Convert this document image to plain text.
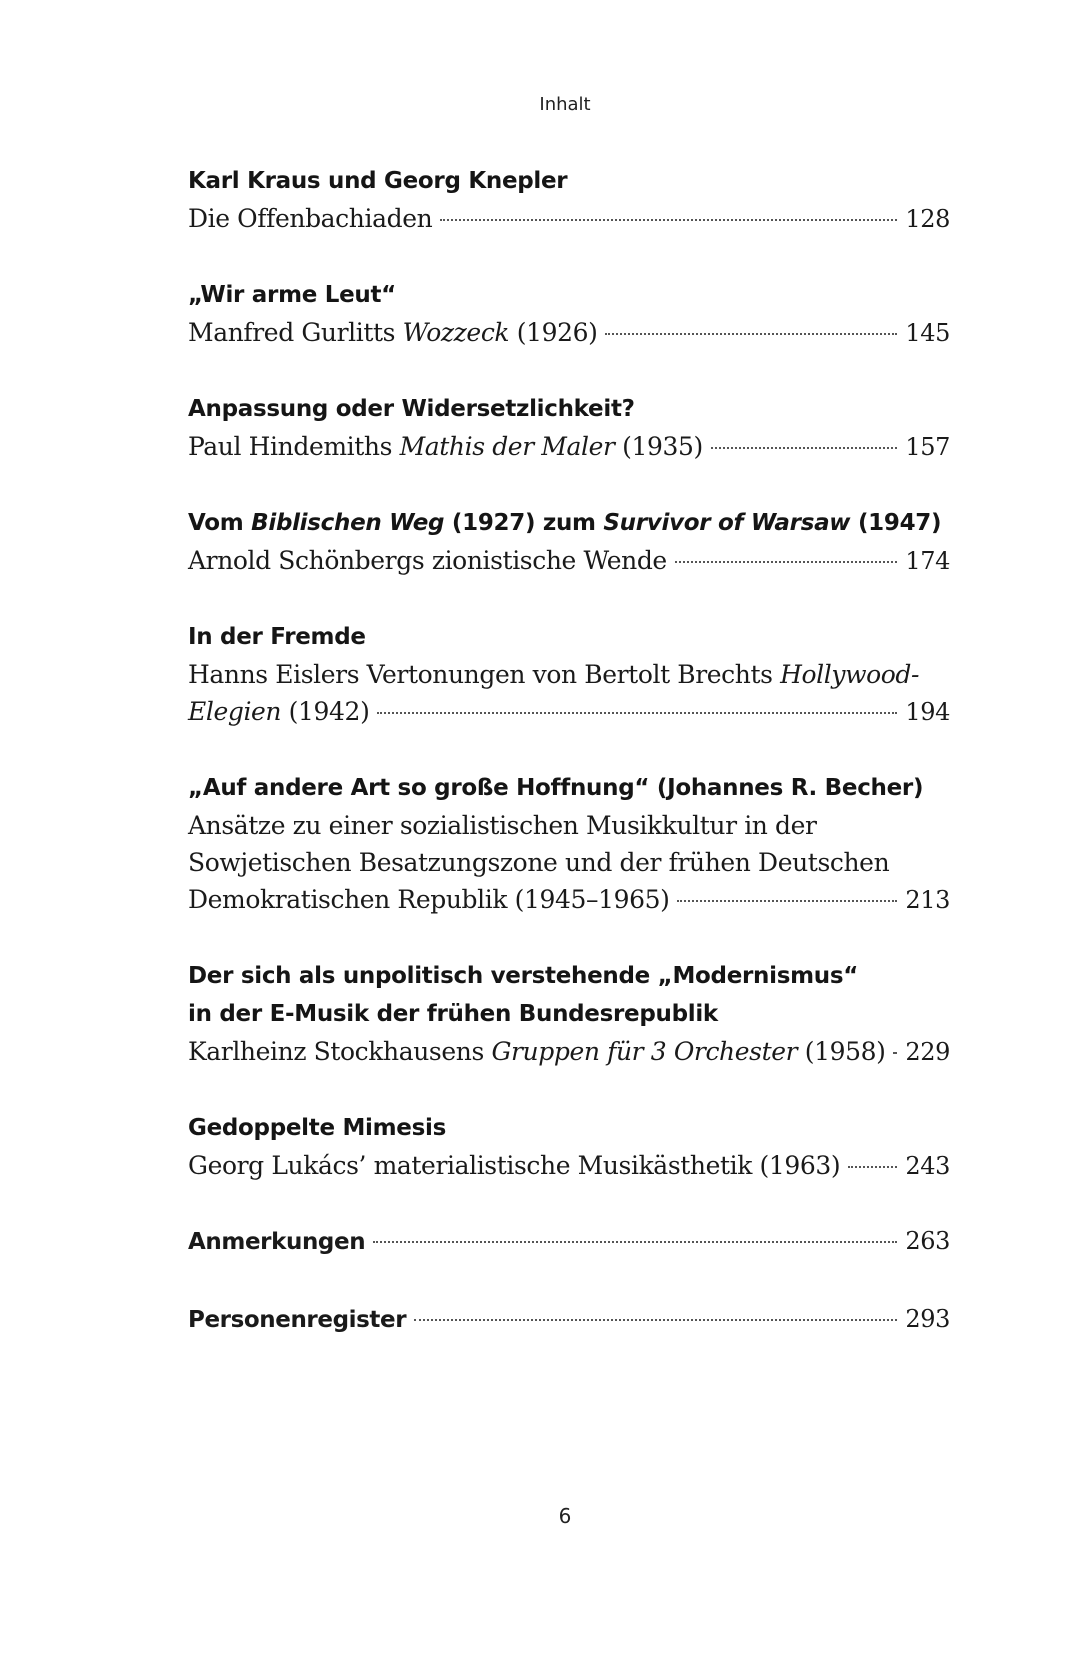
Inhalt
Karl Kraus und Georg Knepler
Die Offenbachiaden	128
„Wir arme Leut“
Manfred Gurlitts Wozzeck (1926)	145
Anpassung oder Widersetzlichkeit?
Paul Hindemiths Mathis der Maler (1935)	157
Vom Biblischen Weg (1927) zum Survivor of Warsaw (1947)
Arnold Schönbergs zionistische Wende	174
In der Fremde
Hanns Eislers Vertonungen von Bertolt Brechts Hollywood-
Elegien (1942)	194
„Auf andere Art so große Hoffnung“ (Johannes R. Becher)
Ansätze zu einer sozialistischen Musikkultur in der
Sowjetischen Besatzungszone und der frühen Deutschen
Demokratischen Republik (1945–1965)	213
Der sich als unpolitisch verstehende „Modernismus“
in der E-Musik der frühen Bundesrepublik
Karlheinz Stockhausens Gruppen für 3 Orchester (1958) 229
Gedoppelte Mimesis
Georg Lukács’ materialistische Musikästhetik (1963)	243
Anmerkungen	263
Personenregister	293
6
